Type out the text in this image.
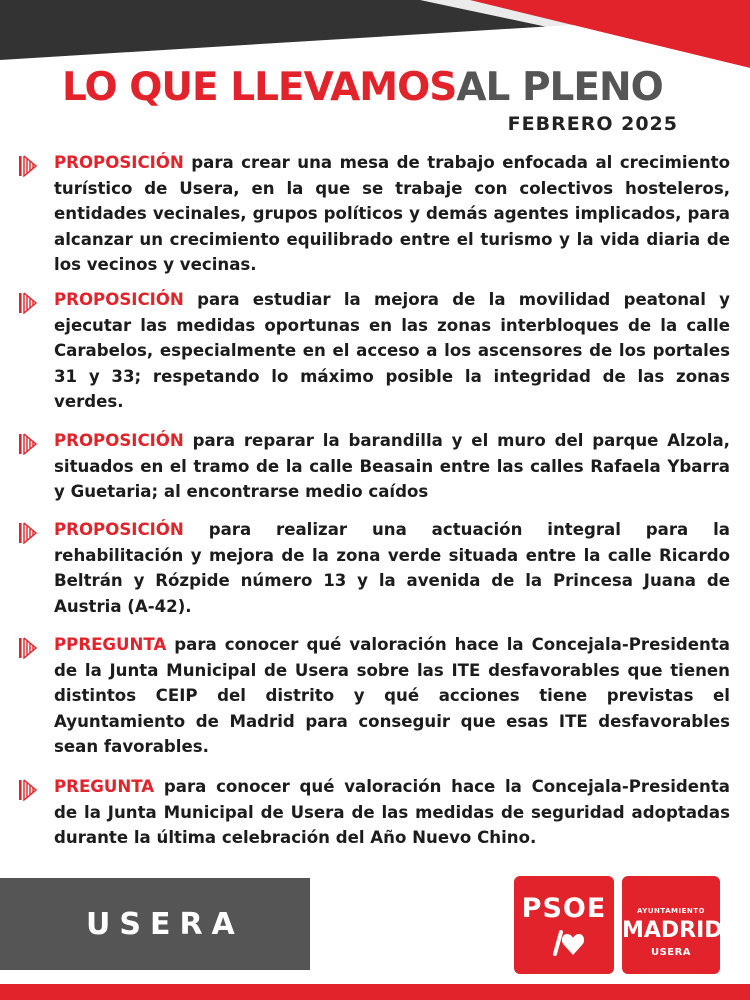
LO QUE LLEVAMOSAL PLENO
FEBRERO 2025

PROPOSICIÓN para crear una mesa de trabajo enfocada al crecimiento turístico de Usera, en la que se trabaje con colectivos hosteleros, entidades vecinales, grupos políticos y demás agentes implicados, para alcanzar un crecimiento equilibrado entre el turismo y la vida diaria de los vecinos y vecinas.

PROPOSICIÓN para estudiar la mejora de la movilidad peatonal y ejecutar las medidas oportunas en las zonas interbloques de la calle Carabelos, especialmente en el acceso a los ascensores de los portales 31 y 33; respetando lo máximo posible la integridad de las zonas verdes.

PROPOSICIÓN para reparar la barandilla y el muro del parque Alzola, situados en el tramo de la calle Beasain entre las calles Rafaela Ybarra y Guetaria; al encontrarse medio caídos

PROPOSICIÓN para realizar una actuación integral para la rehabilitación y mejora de la zona verde situada entre la calle Ricardo Beltrán y Rózpide número 13 y la avenida de la Princesa Juana de Austria (A-42).

PPREGUNTA para conocer qué valoración hace la Concejala-Presidenta de la Junta Municipal de Usera sobre las ITE desfavorables que tienen distintos CEIP del distrito y qué acciones tiene previstas el Ayuntamiento de Madrid para conseguir que esas ITE desfavorables sean favorables.

PREGUNTA para conocer qué valoración hace la Concejala-Presidenta de la Junta Municipal de Usera de las medidas de seguridad adoptadas durante la última celebración del Año Nuevo Chino.

USERA	PSOE	AYUNTAMIENTO
MADRID
USERA
